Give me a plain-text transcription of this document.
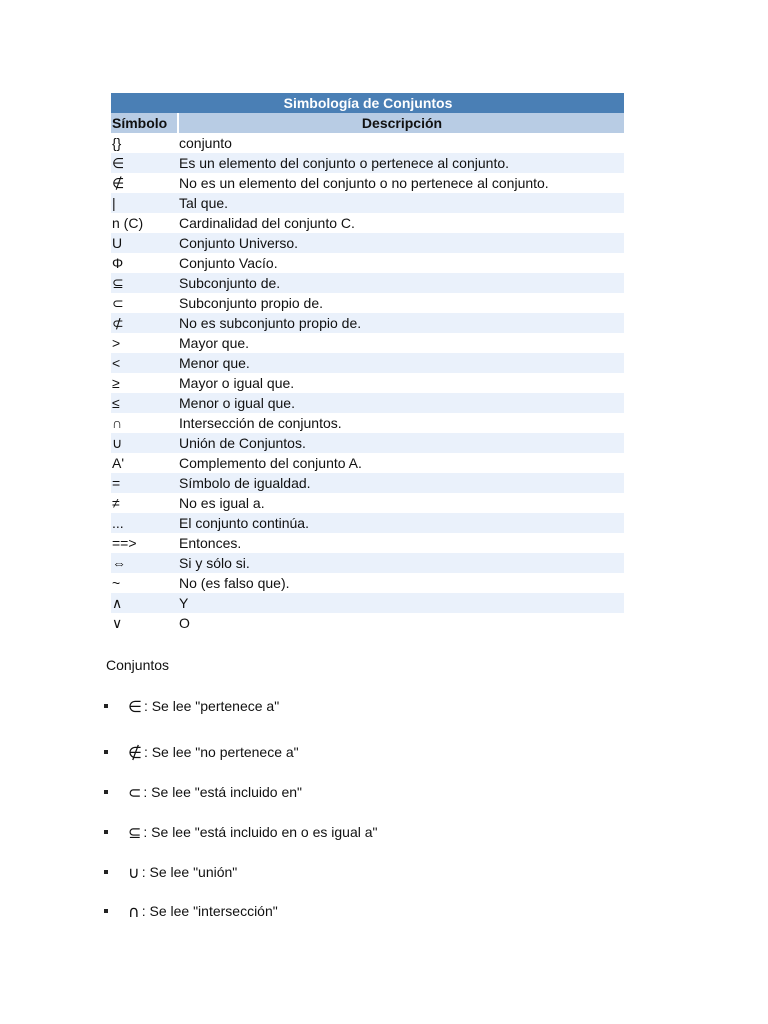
Simbología de Conjuntos	
Símbolo	Descripción
{}	conjunto
∈	Es un elemento del conjunto o pertenece al conjunto.
∉	No es un elemento del conjunto o no pertenece al conjunto.
|	Tal que.
n (C)	Cardinalidad del conjunto C.
U	Conjunto Universo.
Φ	Conjunto Vacío.
⊆	Subconjunto de.
⊂	Subconjunto propio de.
⊄	No es subconjunto propio de.
>	Mayor que.
<	Menor que.
≥	Mayor o igual que.
≤	Menor o igual que.
∩	Intersección de conjuntos.
∪	Unión de Conjuntos.
A'	Complemento del conjunto A.
=	Símbolo de igualdad.
≠	No es igual a.
...	El conjunto continúa.
==>	Entonces.
⇔	Si y sólo si.
~	No (es falso que).
∧	Y
∨	O
Conjuntos
∈ : Se lee "pertenece a"
∉ : Se lee "no pertenece a"
⊂ : Se lee "está incluido en"
⊆ : Se lee "está incluido en o es igual a"
∪ : Se lee "unión"
∩ : Se lee "intersección"
